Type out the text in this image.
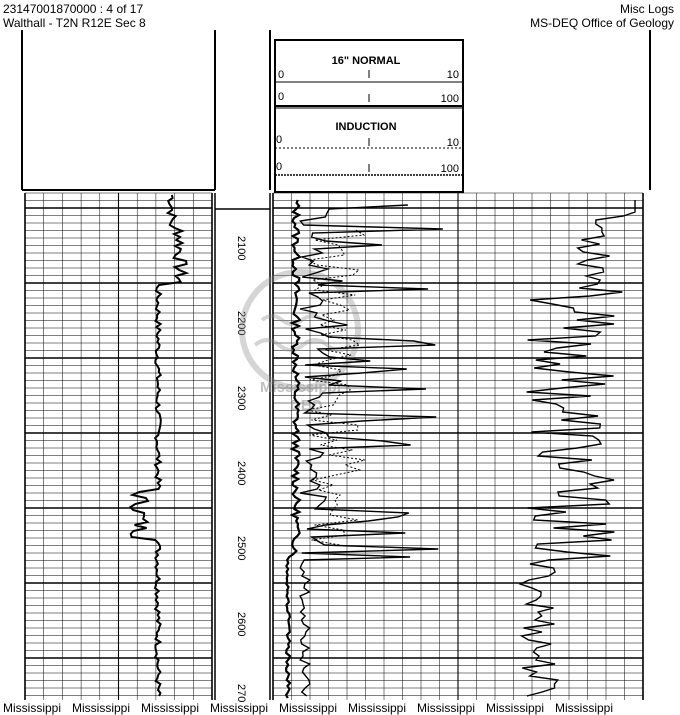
23147001870000 : 4 of 17
Walthall - T2N R12E Sec 8
Misc Logs
MS-DEQ Office of Geology
16" NORMAL
0	10
0	100
INDUCTION
0	10
0	100
2100
2200
2300
2400
2500
2600
270
Mississippi
DEQ
Mississippi Mississippi Mississippi Mississippi Mississippi Mississippi Mississippi Mississippi Mississippi
